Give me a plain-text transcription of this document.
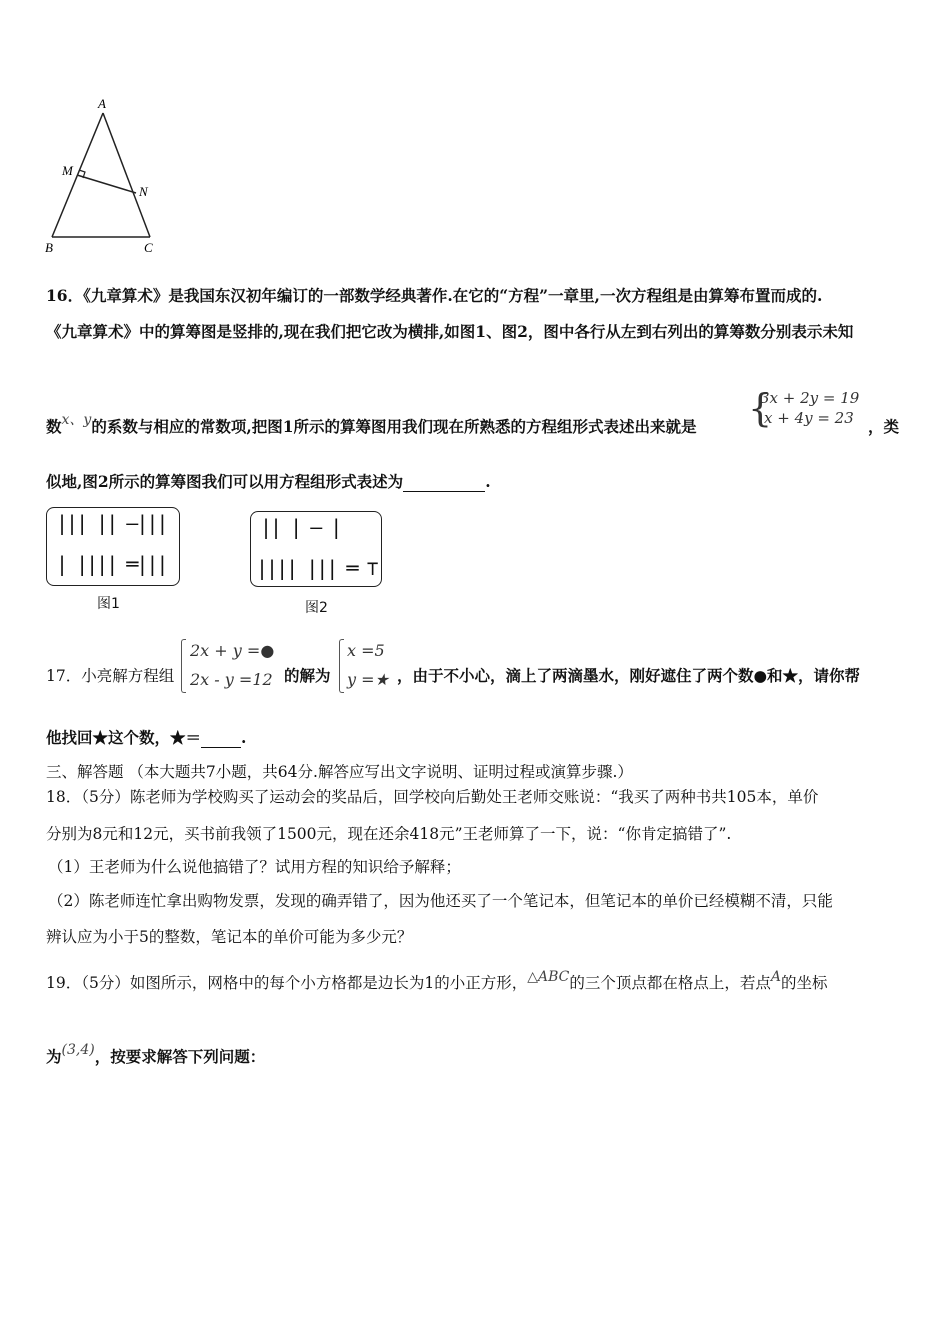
A
M
N
B	C
16．《九章算术》是我国东汉初年编订的一部数学经典著作.在它的“方程”一章里,一次方程组是由算筹布置而成的.
《九章算术》中的算筹图是竖排的,现在我们把它改为横排,如图1、图2，图中各行从左到右列出的算筹数分别表示未知
数x、y的系数与相应的常数项,把图1所示的算筹图用我们现在所熟悉的方程组形式表述出来就是 {
3x + 2y = 19
x + 4y = 23 ，类
似地,图2所示的算筹图我们可以用方程组形式表述为	.
||| || —|||
| |||| ═|||
图1
|| | — |
|||| ||| ═ ⊤
图2
17．小亮解方程组
2x + y =●
2x - y =12 的解为
x =5
y =★ ，由于不小心，滴上了两滴墨水，刚好遮住了两个数●和★，请你帮
他找回★这个数，★＝	.
三、解答题 （本大题共7小题，共64分.解答应写出文字说明、证明过程或演算步骤.）
18．（5分）陈老师为学校购买了运动会的奖品后，回学校向后勤处王老师交账说：“我买了两种书共105本，单价
分别为8元和12元，买书前我领了1500元，现在还余418元”王老师算了一下，说：“你肯定搞错了”.
（1）王老师为什么说他搞错了？试用方程的知识给予解释；
（2）陈老师连忙拿出购物发票，发现的确弄错了，因为他还买了一个笔记本，但笔记本的单价已经模糊不清，只能
辨认应为小于5的整数，笔记本的单价可能为多少元？
19．（5分）如图所示，网格中的每个小方格都是边长为1的小正方形，△ABC的三个顶点都在格点上，若点A的坐标
为(3,4)，按要求解答下列问题：
